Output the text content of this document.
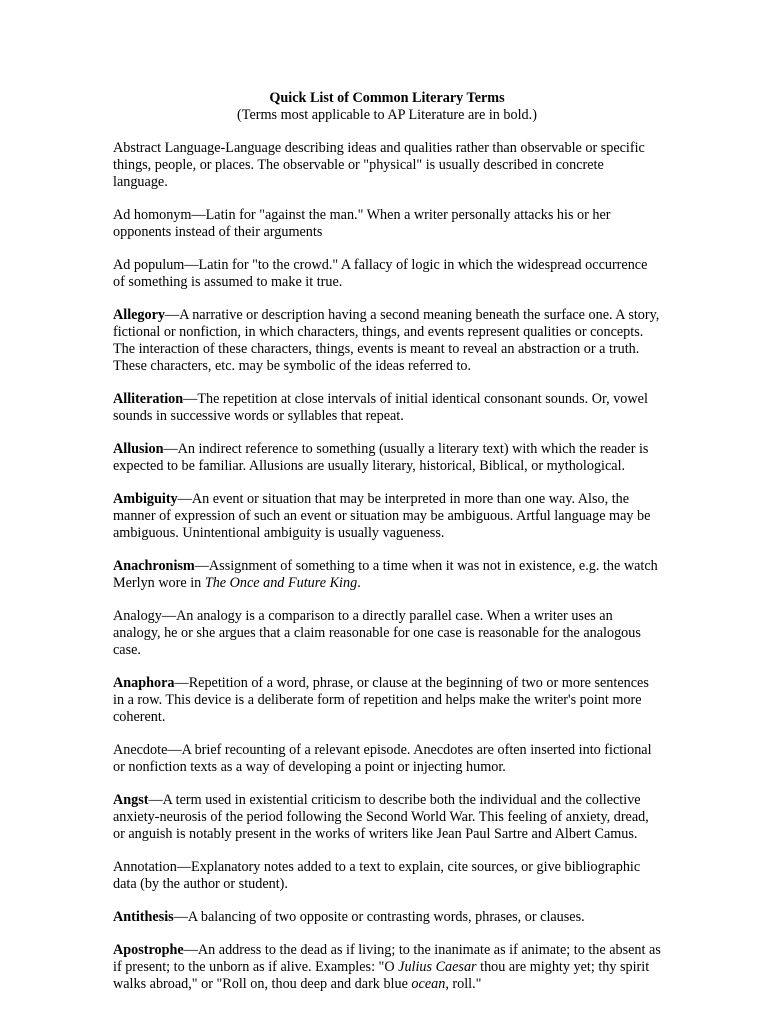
Quick List of Common Literary Terms

(Terms most applicable to AP Literature are in bold.)

Abstract Language-Language describing ideas and qualities rather than observable or specific things, people, or places. The observable or "physical" is usually described in concrete language.

Ad homonym—Latin for "against the man." When a writer personally attacks his or her opponents instead of their arguments

Ad populum—Latin for "to the crowd." A fallacy of logic in which the widespread occurrence of something is assumed to make it true.

Allegory—A narrative or description having a second meaning beneath the surface one. A story, fictional or nonfiction, in which characters, things, and events represent qualities or concepts. The interaction of these characters, things, events is meant to reveal an abstraction or a truth. These characters, etc. may be symbolic of the ideas referred to.

Alliteration—The repetition at close intervals of initial identical consonant sounds. Or, vowel sounds in successive words or syllables that repeat.

Allusion—An indirect reference to something (usually a literary text) with which the reader is expected to be familiar. Allusions are usually literary, historical, Biblical, or mythological.

Ambiguity—An event or situation that may be interpreted in more than one way. Also, the manner of expression of such an event or situation may be ambiguous. Artful language may be ambiguous. Unintentional ambiguity is usually vagueness.

Anachronism—Assignment of something to a time when it was not in existence, e.g. the watch Merlyn wore in The Once and Future King.

Analogy—An analogy is a comparison to a directly parallel case. When a writer uses an analogy, he or she argues that a claim reasonable for one case is reasonable for the analogous case.

Anaphora—Repetition of a word, phrase, or clause at the beginning of two or more sentences in a row. This device is a deliberate form of repetition and helps make the writer's point more coherent.

Anecdote—A brief recounting of a relevant episode. Anecdotes are often inserted into fictional or nonfiction texts as a way of developing a point or injecting humor.

Angst—A term used in existential criticism to describe both the individual and the collective anxiety-neurosis of the period following the Second World War. This feeling of anxiety, dread, or anguish is notably present in the works of writers like Jean Paul Sartre and Albert Camus.

Annotation—Explanatory notes added to a text to explain, cite sources, or give bibliographic data (by the author or student).

Antithesis—A balancing of two opposite or contrasting words, phrases, or clauses.

Apostrophe—An address to the dead as if living; to the inanimate as if animate; to the absent as if present; to the unborn as if alive. Examples: "O Julius Caesar thou are mighty yet; thy spirit walks abroad," or "Roll on, thou deep and dark blue ocean, roll."
